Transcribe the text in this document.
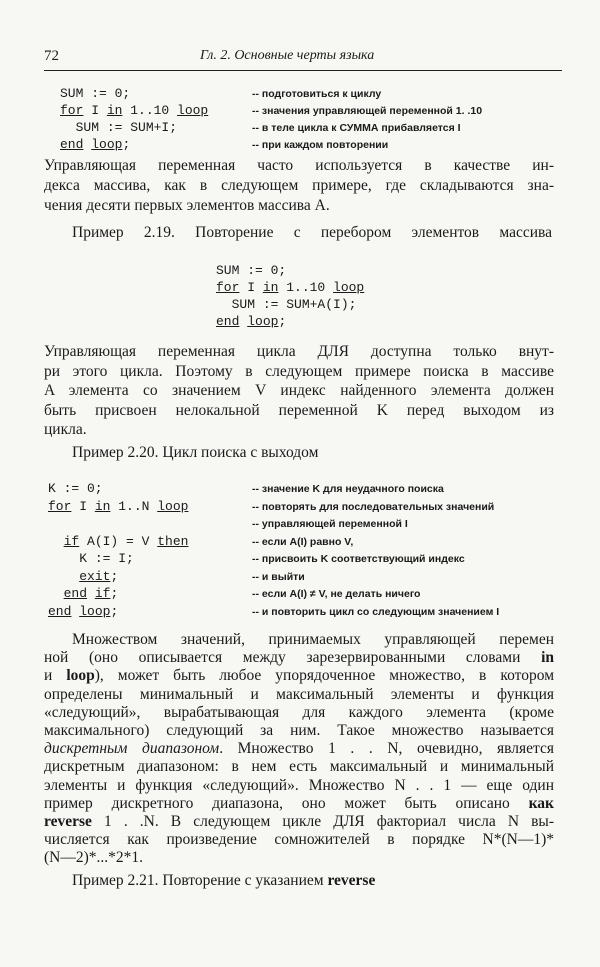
72	Гл. 2. Основные черты языка
SUM := 0;	-- подготовиться к циклу
for I in 1..10 loop	-- значения управляющей переменной 1. .10
SUM := SUM+I;	-- в теле цикла к СУММА прибавляется I
end loop;	-- при каждом повторении
Управляющая переменная часто используется в качестве ин-
декса массива, как в следующем примере, где складываются зна-
чения десяти первых элементов массива A.
Пример 2.19. Повторение с перебором элементов массива
SUM := 0;
for I in 1..10 loop
SUM := SUM+A(I);
end loop;
Управляющая переменная цикла ДЛЯ доступна только внут-
ри этого цикла. Поэтому в следующем примере поиска в массиве
A элемента со значением V индекс найденного элемента должен
быть присвоен нелокальной переменной K перед выходом из
цикла.
Пример 2.20. Цикл поиска с выходом
K := 0;	-- значение K для неудачного поиска
for I in 1..N loop	-- повторять для последовательных значений
-- управляющей переменной I
if A(I) = V then	-- если A(I) равно V,
K := I;	-- присвоить K соответствующий индекс
exit;	-- и выйти
end if;	-- если A(I) ≠ V, не делать ничего
end loop;	-- и повторить цикл со следующим значением I
Множеством значений, принимаемых управляющей перемен
ной (оно описывается между зарезервированными словами in
и loop), может быть любое упорядоченное множество, в котором
определены минимальный и максимальный элементы и функция
«следующий», вырабатывающая для каждого элемента (кроме
максимального) следующий за ним. Такое множество называется
дискретным диапазоном. Множество 1 . . N, очевидно, является
дискретным диапазоном: в нем есть максимальный и минимальный
элементы и функция «следующий». Множество N . . 1 — еще один
пример дискретного диапазона, оно может быть описано как
reverse 1 . .N. В следующем цикле ДЛЯ факториал числа N вы-
числяется как произведение сомножителей в порядке N*(N—1)*
(N—2)*...*2*1.
Пример 2.21. Повторение с указанием reverse
